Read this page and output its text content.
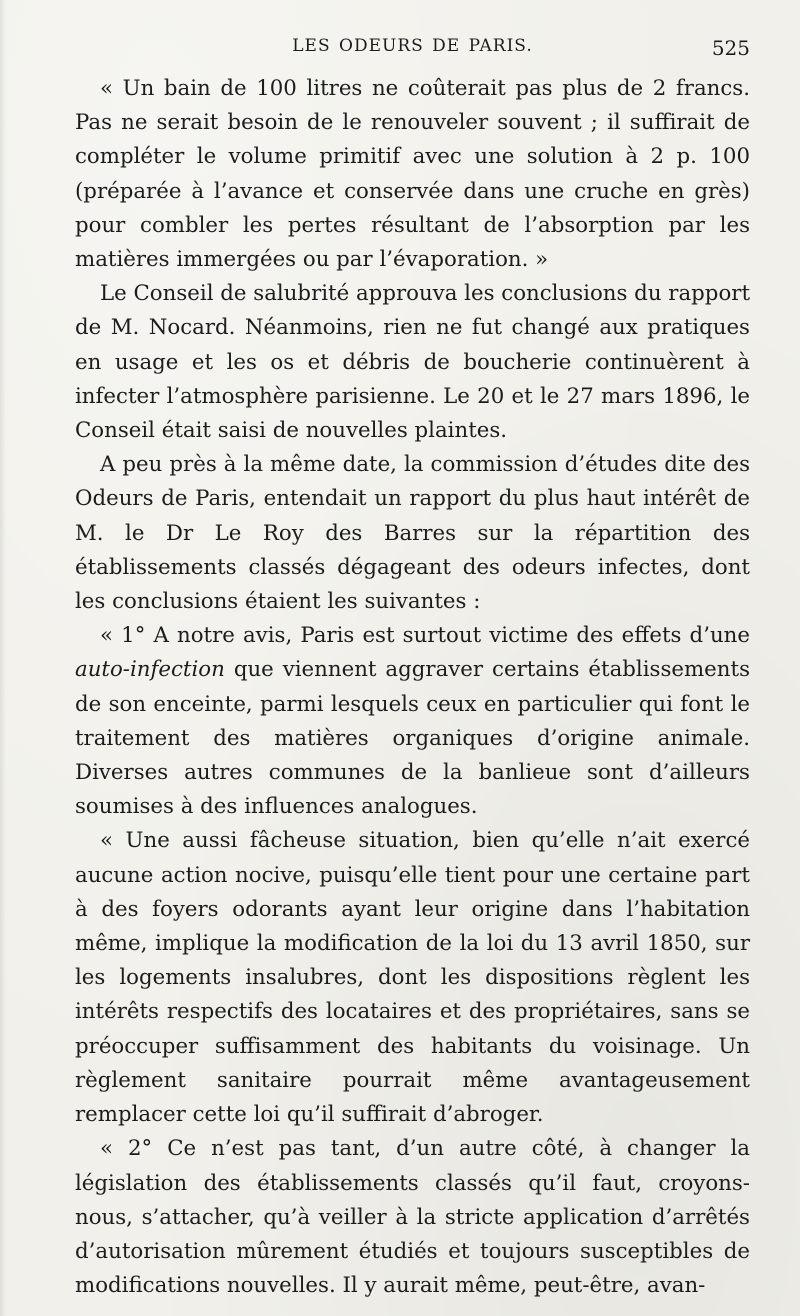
LES ODEURS DE PARIS.	525

« Un bain de 100 litres ne coûterait pas plus de 2 francs. Pas ne serait besoin de le renouveler souvent ; il suffirait de compléter le volume primitif avec une solution à 2 p. 100 (préparée à l’avance et conservée dans une cruche en grès) pour combler les pertes résultant de l’absorption par les matières immergées ou par l’évaporation. »

Le Conseil de salubrité approuva les conclusions du rapport de M. Nocard. Néanmoins, rien ne fut changé aux pratiques en usage et les os et débris de boucherie continuèrent à infecter l’atmosphère parisienne. Le 20 et le 27 mars 1896, le Conseil était saisi de nouvelles plaintes.

A peu près à la même date, la commission d’études dite des Odeurs de Paris, entendait un rapport du plus haut intérêt de M. le Dr Le Roy des Barres sur la répartition des établissements classés dégageant des odeurs infectes, dont les conclusions étaient les suivantes :

« 1° A notre avis, Paris est surtout victime des effets d’une auto-infection que viennent aggraver certains établissements de son enceinte, parmi lesquels ceux en particulier qui font le traitement des matières organiques d’origine animale. Diverses autres communes de la banlieue sont d’ailleurs soumises à des influences analogues.

« Une aussi fâcheuse situation, bien qu’elle n’ait exercé aucune action nocive, puisqu’elle tient pour une certaine part à des foyers odorants ayant leur origine dans l’habitation même, implique la modification de la loi du 13 avril 1850, sur les logements insalubres, dont les dispositions règlent les intérêts respectifs des locataires et des propriétaires, sans se préoccuper suffisamment des habitants du voisinage. Un règlement sanitaire pourrait même avantageusement remplacer cette loi qu’il suffirait d’abroger.

« 2° Ce n’est pas tant, d’un autre côté, à changer la législation des établissements classés qu’il faut, croyons-nous, s’attacher, qu’à veiller à la stricte application d’arrêtés d’autorisation mûrement étudiés et toujours susceptibles de modifications nouvelles. Il y aurait même, peut-être, avan-
